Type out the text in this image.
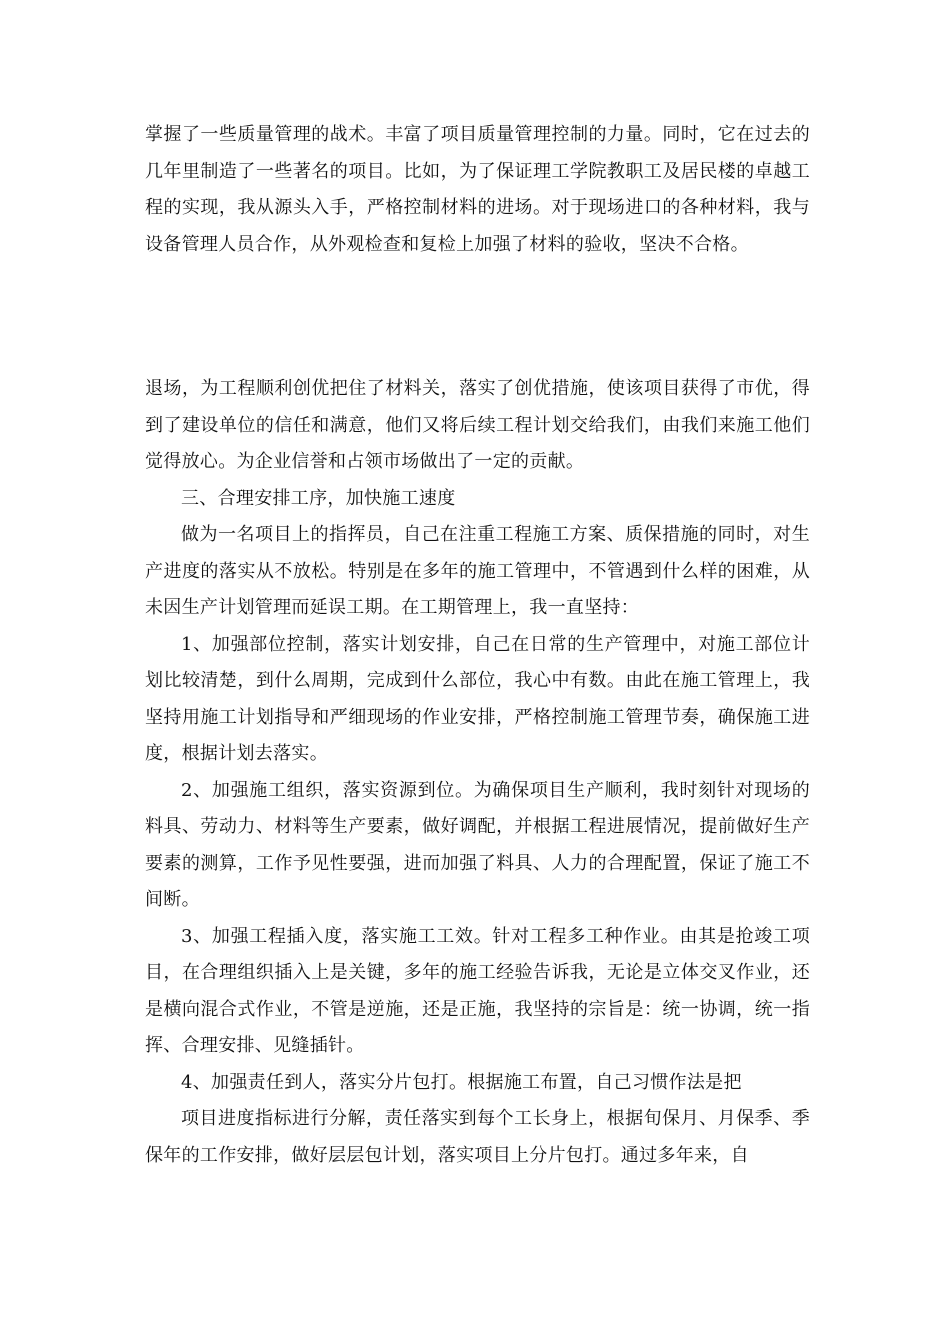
掌握了一些质量管理的战术。丰富了项目质量管理控制的力量。同时，它在过去的几年里制造了一些著名的项目。比如，为了保证理工学院教职工及居民楼的卓越工程的实现，我从源头入手，严格控制材料的进场。对于现场进口的各种材料，我与设备管理人员合作，从外观检查和复检上加强了材料的验收，坚决不合格。

退场，为工程顺利创优把住了材料关，落实了创优措施，使该项目获得了市优，得到了建设单位的信任和满意，他们又将后续工程计划交给我们，由我们来施工他们觉得放心。为企业信誉和占领市场做出了一定的贡献。

三、合理安排工序，加快施工速度

做为一名项目上的指挥员，自己在注重工程施工方案、质保措施的同时，对生产进度的落实从不放松。特别是在多年的施工管理中，不管遇到什么样的困难，从未因生产计划管理而延误工期。在工期管理上，我一直坚持：

1、加强部位控制，落实计划安排，自己在日常的生产管理中，对施工部位计划比较清楚，到什么周期，完成到什么部位，我心中有数。由此在施工管理上，我坚持用施工计划指导和严细现场的作业安排，严格控制施工管理节奏，确保施工进度，根据计划去落实。

2、加强施工组织，落实资源到位。为确保项目生产顺利，我时刻针对现场的料具、劳动力、材料等生产要素，做好调配，并根据工程进展情况，提前做好生产要素的测算，工作予见性要强，进而加强了料具、人力的合理配置，保证了施工不间断。

3、加强工程插入度，落实施工工效。针对工程多工种作业。由其是抢竣工项目，在合理组织插入上是关键，多年的施工经验告诉我，无论是立体交叉作业，还是横向混合式作业，不管是逆施，还是正施，我坚持的宗旨是：统一协调，统一指挥、合理安排、见缝插针。

4、加强责任到人，落实分片包打。根据施工布置，自己习惯作法是把

项目进度指标进行分解，责任落实到每个工长身上，根据旬保月、月保季、季保年的工作安排，做好层层包计划，落实项目上分片包打。通过多年来，自
